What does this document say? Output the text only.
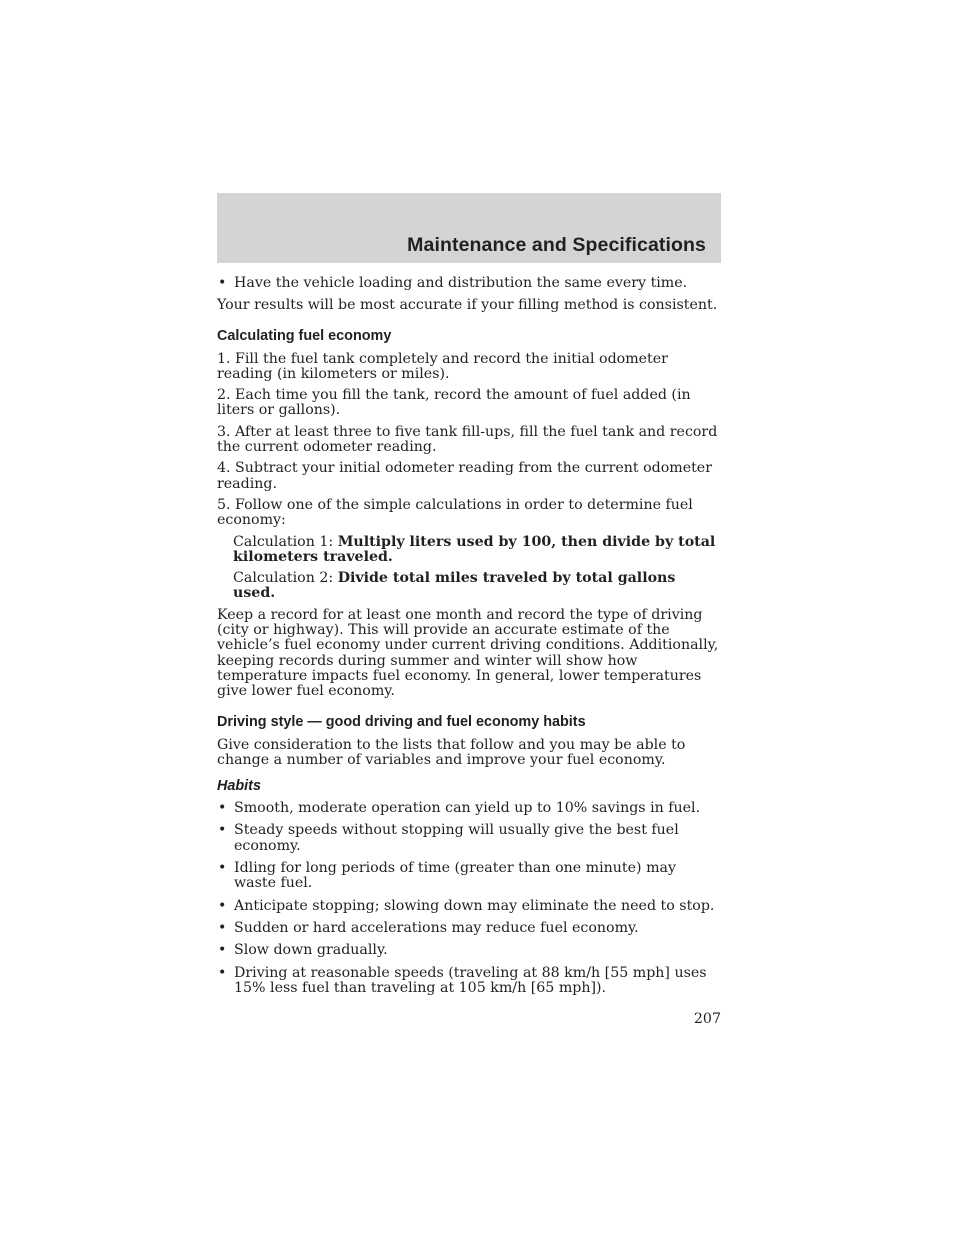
Maintenance and Specifications
• Have the vehicle loading and distribution the same every time.

Your results will be most accurate if your filling method is consistent.

Calculating fuel economy

1. Fill the fuel tank completely and record the initial odometer reading (in kilometers or miles).

2. Each time you fill the tank, record the amount of fuel added (in liters or gallons).

3. After at least three to five tank fill-ups, fill the fuel tank and record the current odometer reading.

4. Subtract your initial odometer reading from the current odometer reading.

5. Follow one of the simple calculations in order to determine fuel economy:

Calculation 1: Multiply liters used by 100, then divide by total kilometers traveled.

Calculation 2: Divide total miles traveled by total gallons used.

Keep a record for at least one month and record the type of driving (city or highway). This will provide an accurate estimate of the vehicle’s fuel economy under current driving conditions. Additionally, keeping records during summer and winter will show how temperature impacts fuel economy. In general, lower temperatures give lower fuel economy.

Driving style — good driving and fuel economy habits

Give consideration to the lists that follow and you may be able to change a number of variables and improve your fuel economy.

Habits
• Smooth, moderate operation can yield up to 10% savings in fuel.
• Steady speeds without stopping will usually give the best fuel economy.
• Idling for long periods of time (greater than one minute) may waste fuel.
• Anticipate stopping; slowing down may eliminate the need to stop.
• Sudden or hard accelerations may reduce fuel economy.
• Slow down gradually.
• Driving at reasonable speeds (traveling at 88 km/h [55 mph] uses 15% less fuel than traveling at 105 km/h [65 mph]).
207
